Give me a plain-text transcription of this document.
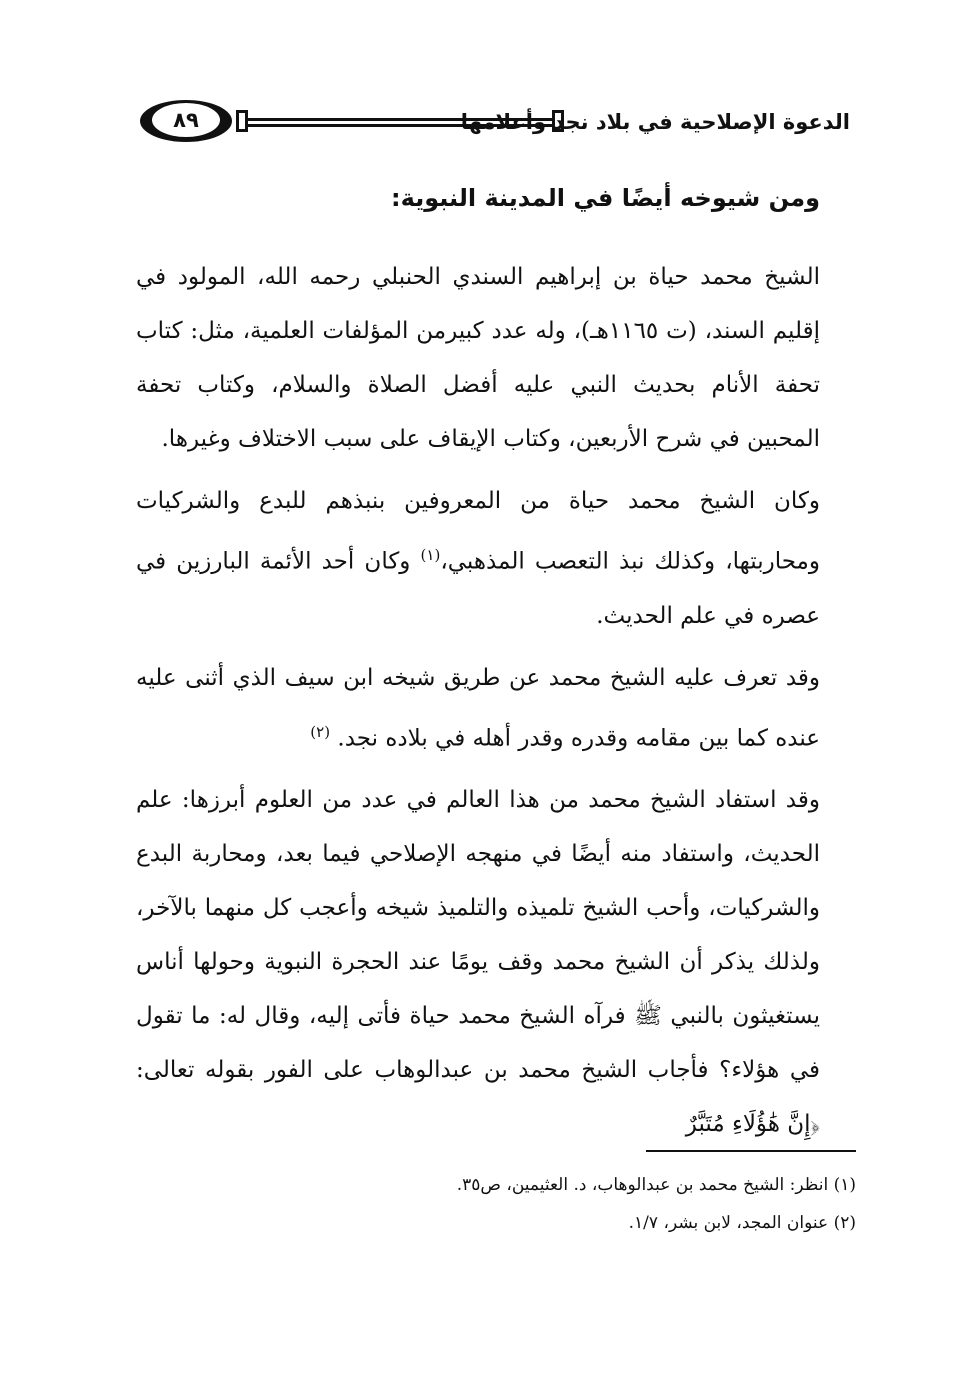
٨٩	الدعوة الإصلاحية في بلاد نجد وأعلامها

ومن شيوخه أيضًا في المدينة النبوية:

الشيخ محمد حياة بن إبراهيم السندي الحنبلي رحمه الله، المولود في إقليم السند، (ت ١١٦٥هـ)، وله عدد كبيرمن المؤلفات العلمية، مثل: كتاب تحفة الأنام بحديث النبي عليه أفضل الصلاة والسلام، وكتاب تحفة المحبين في شرح الأربعين، وكتاب الإيقاف على سبب الاختلاف وغيرها.

وكان الشيخ محمد حياة من المعروفين بنبذهم للبدع والشركيات ومحاربتها، وكذلك نبذ التعصب المذهبي،$^{(١)}$ وكان أحد الأئمة البارزين في عصره في علم الحديث.

وقد تعرف عليه الشيخ محمد عن طريق شيخه ابن سيف الذي أثنى عليه عنده كما بين مقامه وقدره وقدر أهله في بلاده نجد. $^{(٢)}$

وقد استفاد الشيخ محمد من هذا العالم في عدد من العلوم أبرزها: علم الحديث، واستفاد منه أيضًا في منهجه الإصلاحي فيما بعد، ومحاربة البدع والشركيات، وأحب الشيخ تلميذه والتلميذ شيخه وأعجب كل منهما بالآخر، ولذلك يذكر أن الشيخ محمد وقف يومًا عند الحجرة النبوية وحولها أناس يستغيثون بالنبي ﷺ فرآه الشيخ محمد حياة فأتى إليه، وقال له: ما تقول في هؤلاء؟ فأجاب الشيخ محمد بن عبدالوهاب على الفور بقوله تعالى: ﴿إِنَّ هَٰؤُلَاءِ مُتَبَّرٌ

(١) انظر: الشيخ محمد بن عبدالوهاب، د. العثيمين، ص٣٥.

(٢) عنوان المجد، لابن بشر، ١/٧.
